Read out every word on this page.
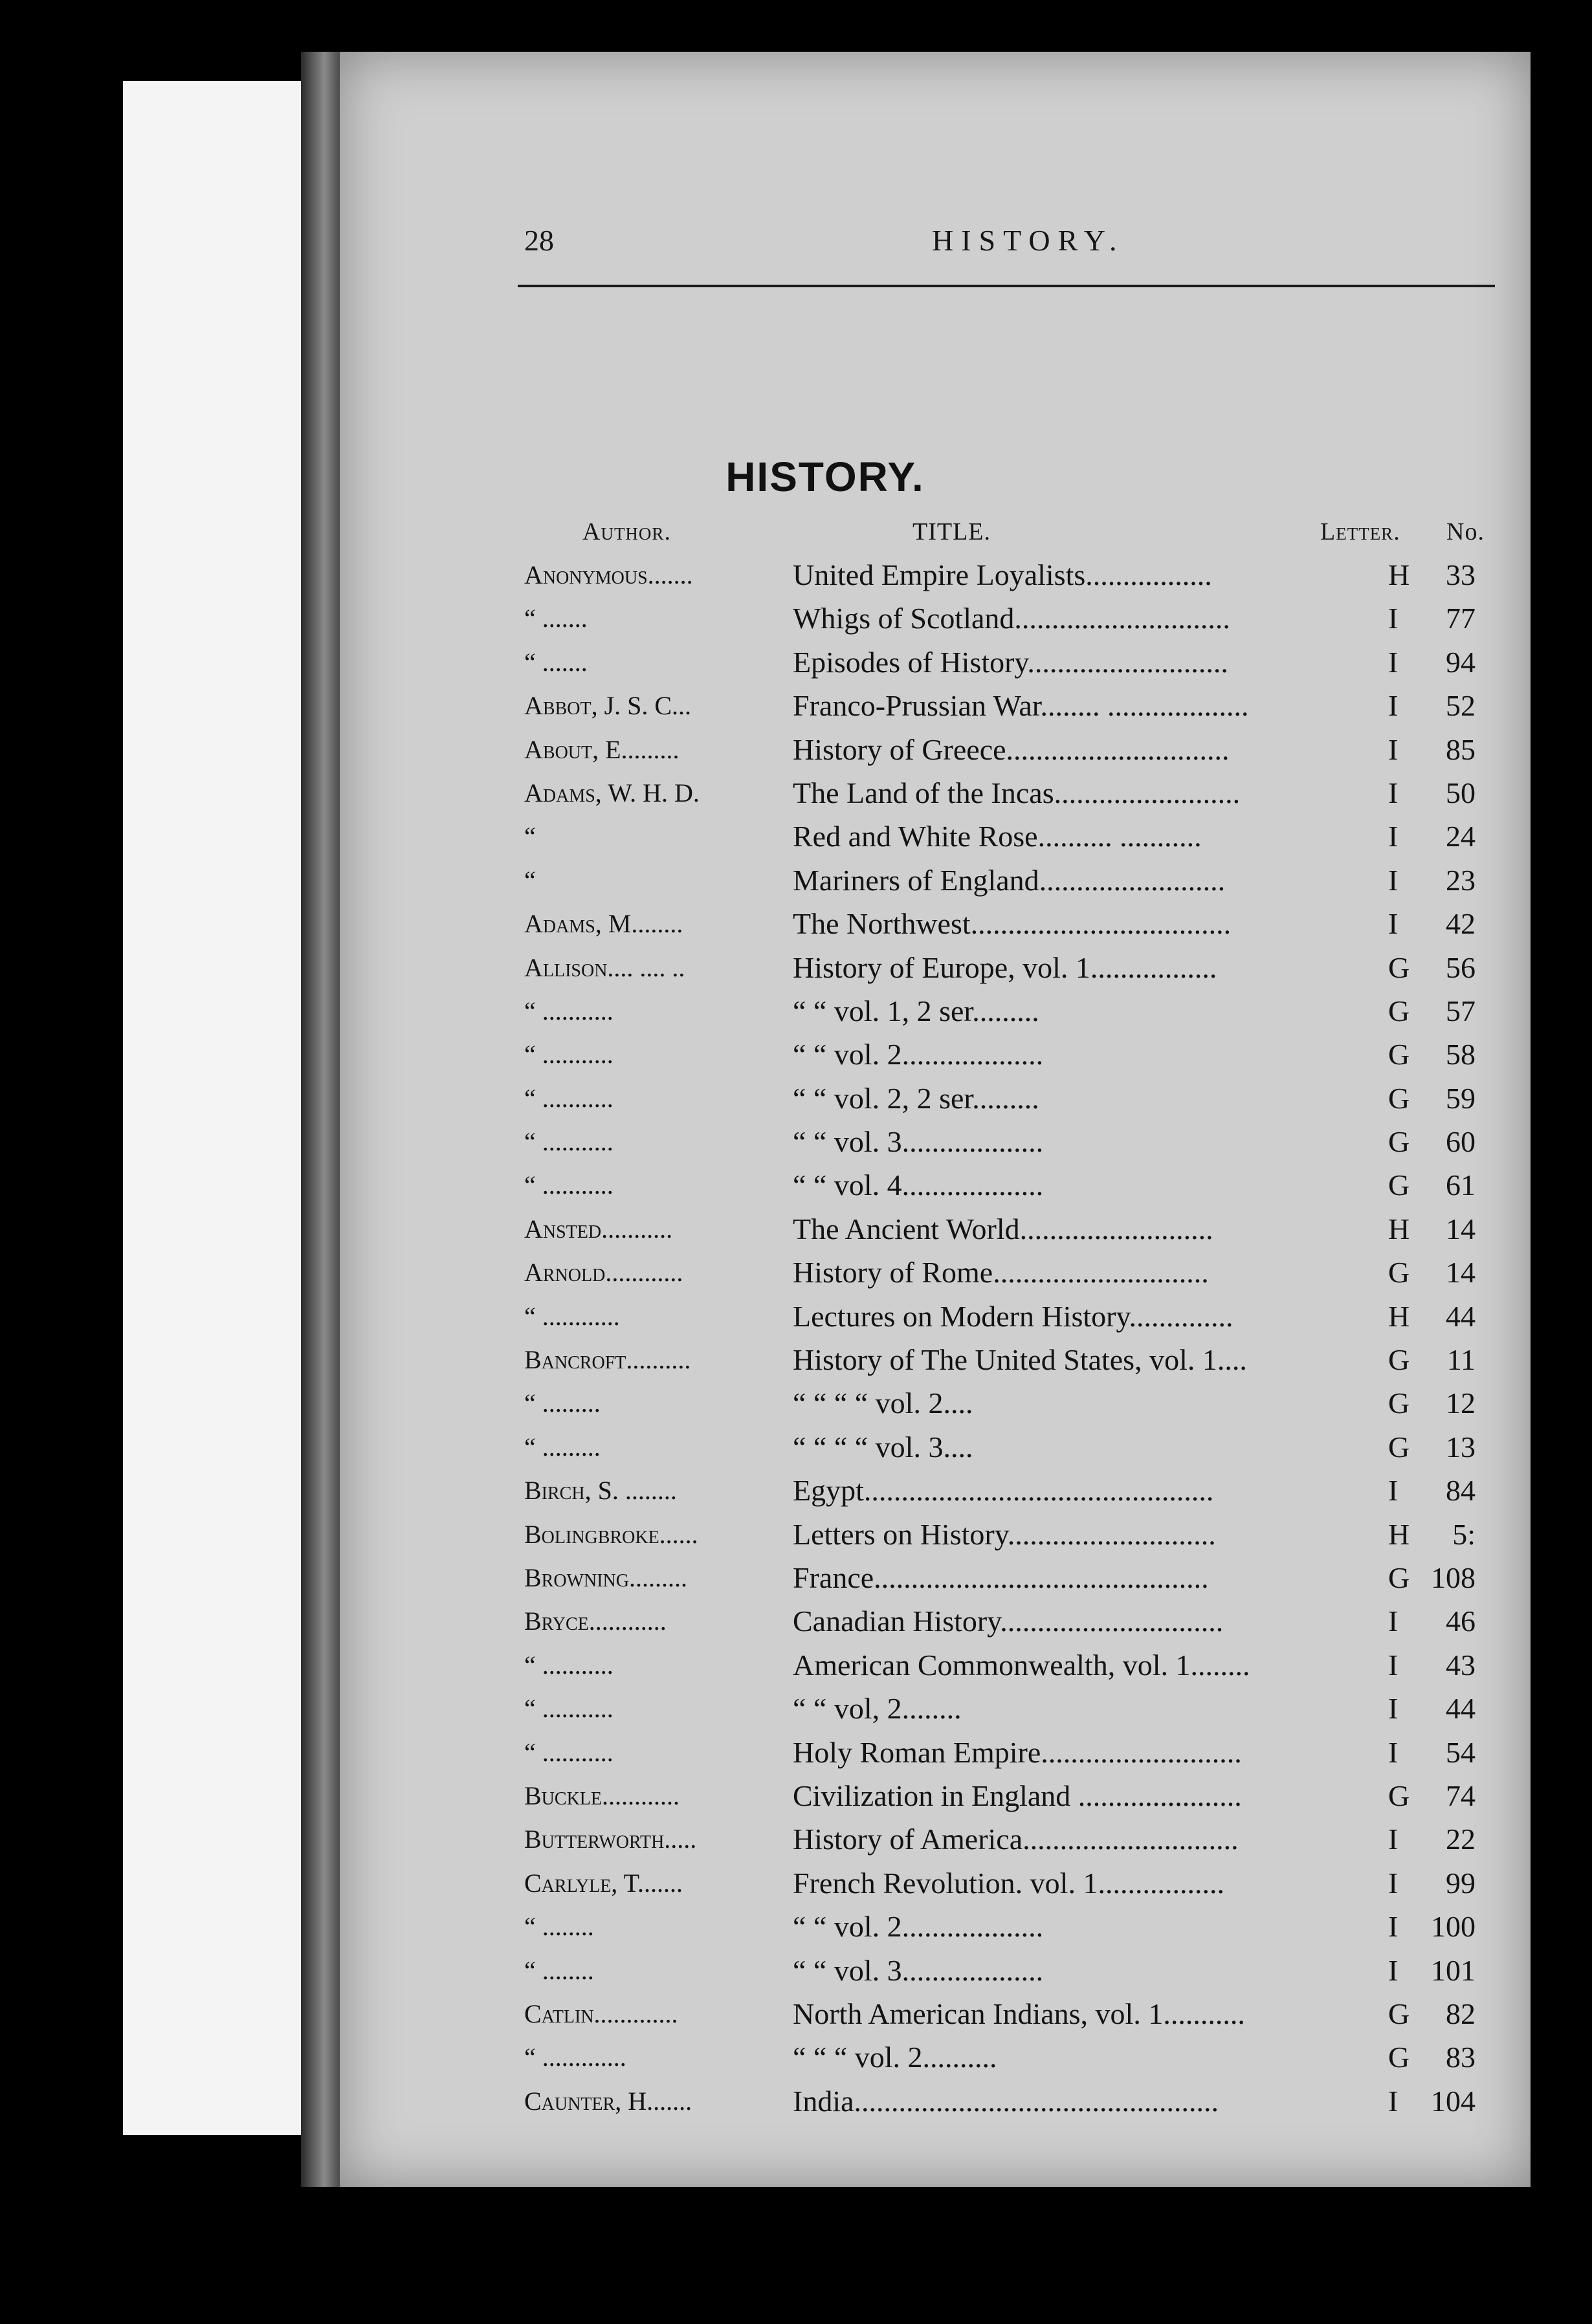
28	HISTORY.
HISTORY.
Author.	TITLE.	Letter. No.
Anonymous.......	United Empire Loyalists.................	H 33
“ .......	Whigs of Scotland.............................	I 77
“ .......	Episodes of History...........................	I 94
Abbot, J. S. C...	Franco-Prussian War........ ...................	I 52
About, E.........	History of Greece..............................	I 85
Adams, W. H. D.	The Land of the Incas.........................	I 50
“	Red and White Rose.......... ...........	I 24
“	Mariners of England.........................	I 23
Adams, M........	The Northwest...................................	I 42
Allison.... .... ..	History of Europe, vol. 1.................	G 56
“ ...........	“ “ vol. 1, 2 ser.........	G 57
“ ...........	“ “ vol. 2...................	G 58
“ ...........	“ “ vol. 2, 2 ser.........	G 59
“ ...........	“ “ vol. 3...................	G 60
“ ...........	“ “ vol. 4...................	G 61
Ansted...........	The Ancient World..........................	H 14
Arnold............	History of Rome.............................	G 14
“ ............	Lectures on Modern History..............	H 44
Bancroft..........	History of The United States, vol. 1....	G 11
“ .........	“ “ “ “ vol. 2....	G 12
“ .........	“ “ “ “ vol. 3....	G 13
Birch, S. ........	Egypt...............................................	I 84
Bolingbroke......	Letters on History............................	H 5:
Browning.........	France.............................................	G 108
Bryce............	Canadian History..............................	I 46
“ ...........	American Commonwealth, vol. 1........	I 43
“ ...........	“ “ vol, 2........	I 44
“ ...........	Holy Roman Empire...........................	I 54
Buckle............	Civilization in England ......................	G 74
Butterworth.....	History of America.............................	I 22
Carlyle, T.......	French Revolution. vol. 1.................	I 99
“ ........	“ “ vol. 2...................	I 100
“ ........	“ “ vol. 3...................	I 101
Catlin.............	North American Indians, vol. 1...........	G 82
“ .............	“ “ “ vol. 2..........	G 83
Caunter, H.......	India.................................................	I 104
